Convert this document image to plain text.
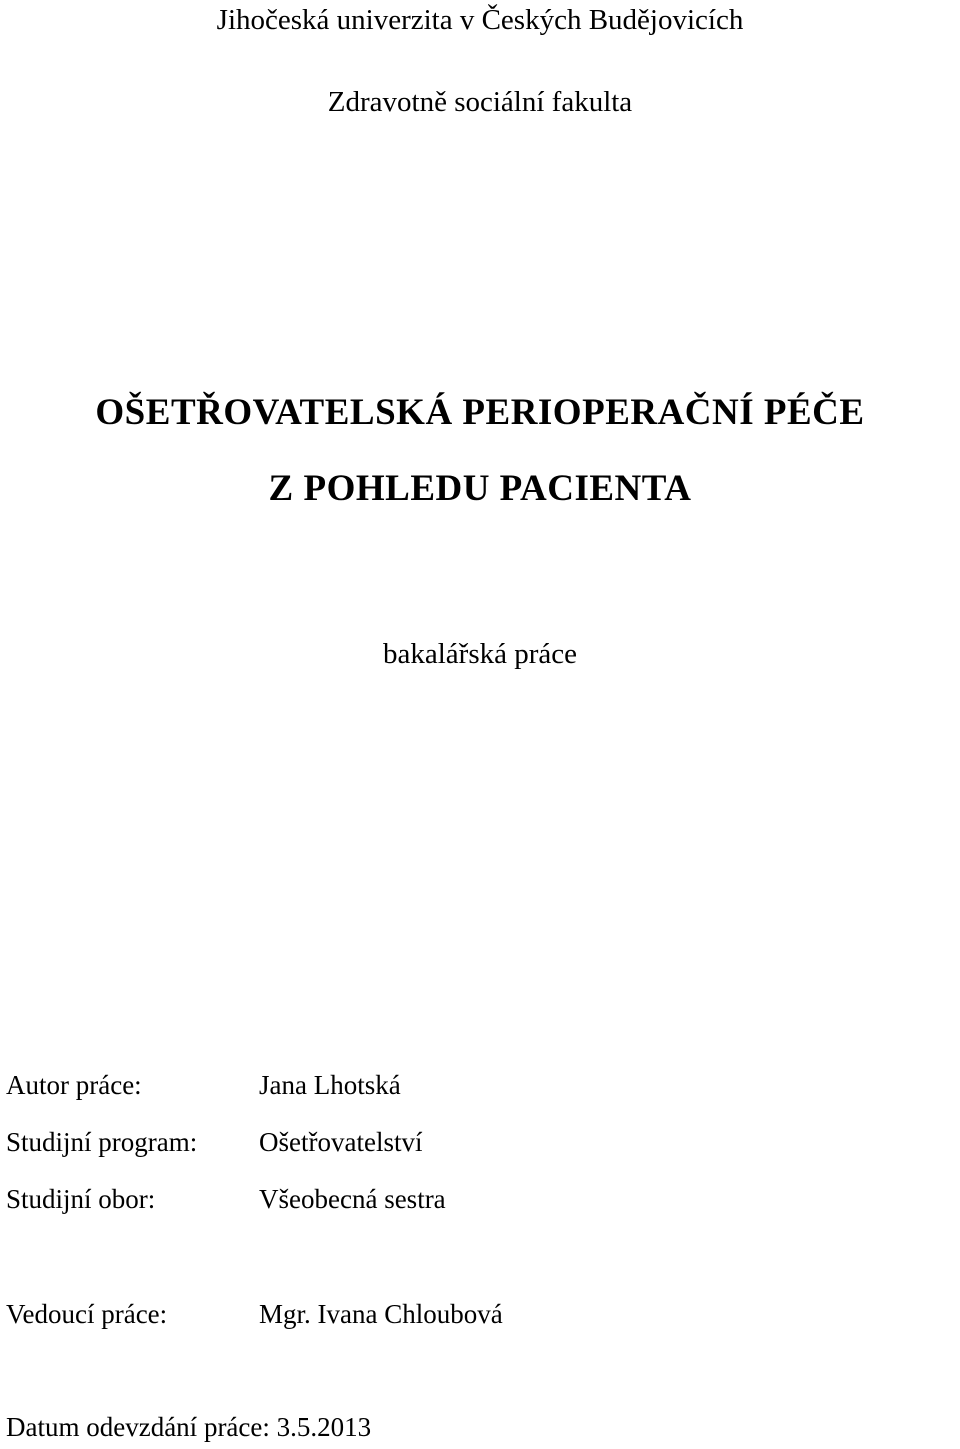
Jihočeská univerzita v Českých Budějovicích
Zdravotně sociální fakulta
OŠETŘOVATELSKÁ PERIOPERAČNÍ PÉČE
Z POHLEDU PACIENTA
bakalářská práce
Autor práce:	Jana Lhotská
Studijní program: Ošetřovatelství
Studijní obor:	Všeobecná sestra
Vedoucí práce:	Mgr. Ivana Chloubová
Datum odevzdání práce: 3.5.2013
